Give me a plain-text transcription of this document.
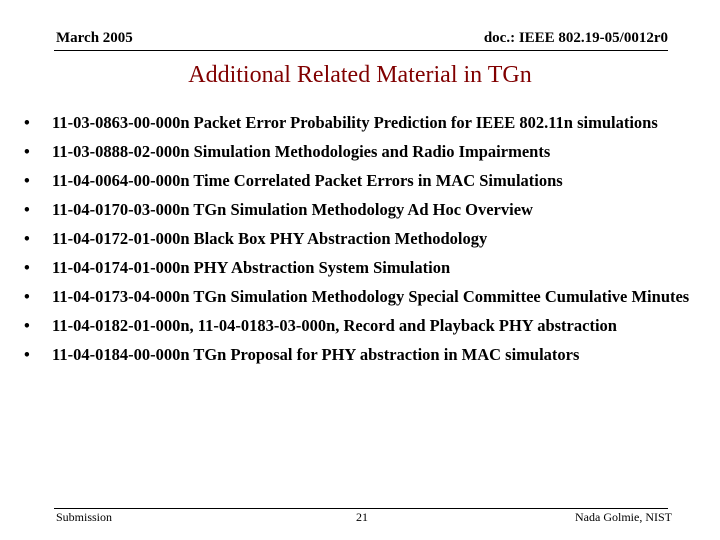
March 2005	doc.: IEEE 802.19-05/0012r0
Additional Related Material in TGn
• 11-03-0863-00-000n Packet Error Probability Prediction for IEEE 802.11n simulations
• 11-03-0888-02-000n Simulation Methodologies and Radio Impairments
• 11-04-0064-00-000n Time Correlated Packet Errors in MAC Simulations
• 11-04-0170-03-000n TGn Simulation Methodology Ad Hoc Overview
• 11-04-0172-01-000n Black Box PHY Abstraction Methodology
• 11-04-0174-01-000n PHY Abstraction System Simulation
• 11-04-0173-04-000n TGn Simulation Methodology Special Committee Cumulative Minutes
• 11-04-0182-01-000n, 11-04-0183-03-000n, Record and Playback PHY abstraction
• 11-04-0184-00-000n TGn Proposal for PHY abstraction in MAC simulators
Submission	21	Nada Golmie, NIST
